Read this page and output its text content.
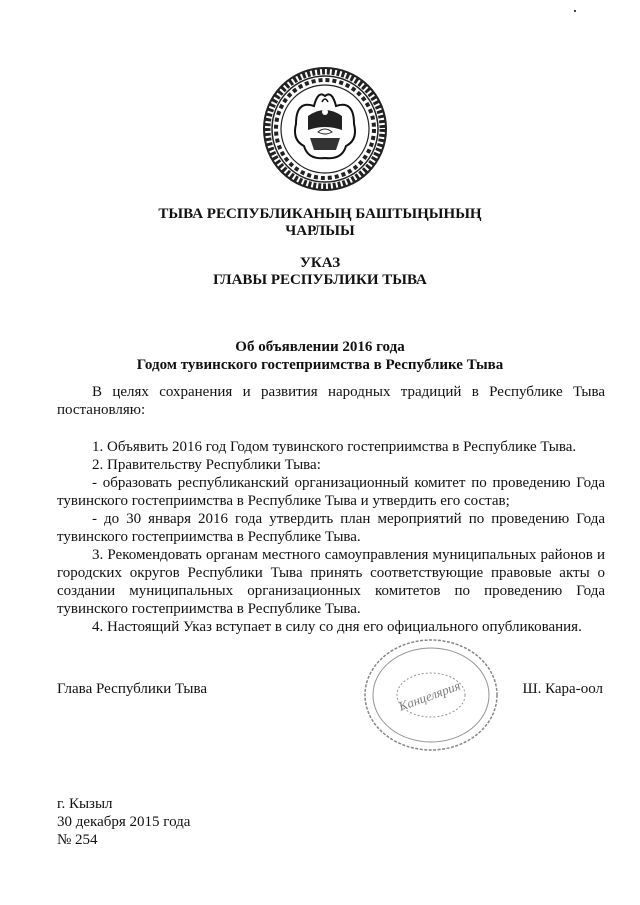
ТЫВА РЕСПУБЛИКАНЫҢ БАШТЫҢЫНЫҢ
ЧАРЛЫЫ
УКАЗ
ГЛАВЫ РЕСПУБЛИКИ ТЫВА
Об объявлении 2016 года
Годом тувинского гостеприимства в Республике Тыва

В целях сохранения и развития народных традиций в Республике Тыва постановляю:

1. Объявить 2016 год Годом тувинского гостеприимства в Республике Тыва.

2. Правительству Республики Тыва:

- образовать республиканский организационный комитет по проведению Года тувинского гостеприимства в Республике Тыва и утвердить его состав;

- до 30 января 2016 года утвердить план мероприятий по проведению Года тувинского гостеприимства в Республике Тыва.

3. Рекомендовать органам местного самоуправления муниципальных районов и городских округов Республики Тыва принять соответствующие правовые акты о создании муниципальных организационных комитетов по проведению Года тувинского гостеприимства в Республике Тыва.

4. Настоящий Указ вступает в силу со дня его официального опубликования.

Канцелярия
Глава Республики Тыва	Ш. Кара-оол
г. Кызыл
30 декабря 2015 года
№ 254
